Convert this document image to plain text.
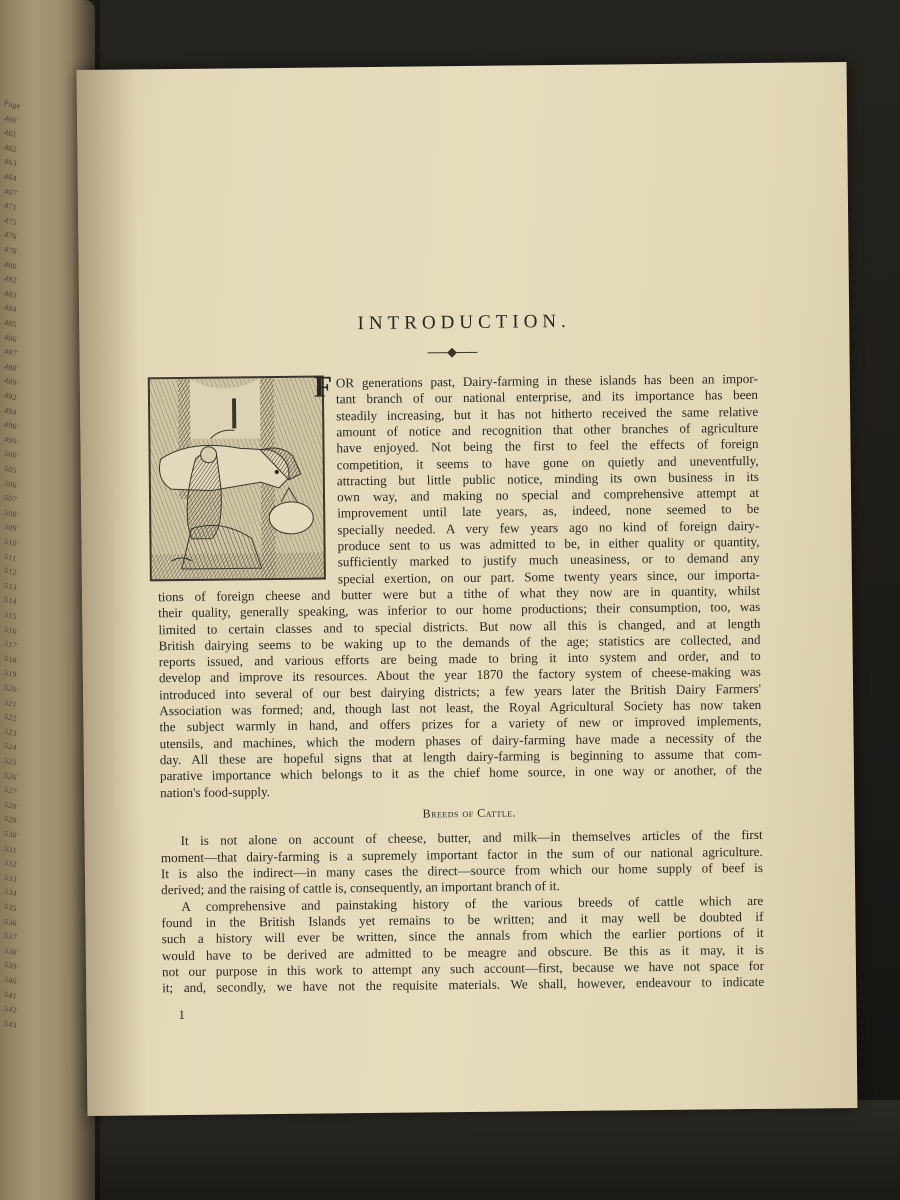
Page
460
461
462
463
464
467
471
475
476
478
480
482
483
484
485
486
487
488
489
492
494
496
499
500
505
506
507
508
509
510
511
512
513
514
515
516
517
518
519
520
521
522
523
524
525
526
527
528
529
530
531
532
533
534
535
536
537
538
539
540
541
542
543
INTRODUCTION.
F OR generations past, Dairy-farming in these islands has been an impor-
tant branch of our national enterprise, and its importance has been
steadily increasing, but it has not hitherto received the same relative
amount of notice and recognition that other branches of agriculture
have enjoyed. Not being the first to feel the effects of foreign
competition, it seems to have gone on quietly and uneventfully,
attracting but little public notice, minding its own business in its
own way, and making no special and comprehensive attempt at
improvement until late years, as, indeed, none seemed to be
specially needed. A very few years ago no kind of foreign dairy-
produce sent to us was admitted to be, in either quality or quantity,
sufficiently marked to justify much uneasiness, or to demand any
special exertion, on our part. Some twenty years since, our importa-
tions of foreign cheese and butter were but a tithe of what they now are in quantity, whilst
their quality, generally speaking, was inferior to our home productions; their consumption, too, was
limited to certain classes and to special districts. But now all this is changed, and at length
British dairying seems to be waking up to the demands of the age; statistics are collected, and
reports issued, and various efforts are being made to bring it into system and order, and to
develop and improve its resources. About the year 1870 the factory system of cheese-making was
introduced into several of our best dairying districts; a few years later the British Dairy Farmers'
Association was formed; and, though last not least, the Royal Agricultural Society has now taken
the subject warmly in hand, and offers prizes for a variety of new or improved implements,
utensils, and machines, which the modern phases of dairy-farming have made a necessity of the
day. All these are hopeful signs that at length dairy-farming is beginning to assume that com-
parative importance which belongs to it as the chief home source, in one way or another, of the
nation's food-supply.
It is not alone on account of cheese, butter, and milk—in themselves articles of the first
moment—that dairy-farming is a supremely important factor in the sum of our national agriculture.
It is also the indirect—in many cases the direct—source from which our home supply of beef is
derived; and the raising of cattle is, consequently, an important branch of it.
A comprehensive and painstaking history of the various breeds of cattle which are
found in the British Islands yet remains to be written; and it may well be doubted if
such a history will ever be written, since the annals from which the earlier portions of it
would have to be derived are admitted to be meagre and obscure. Be this as it may, it is
not our purpose in this work to attempt any such account—first, because we have not space for
it; and, secondly, we have not the requisite materials. We shall, however, endeavour to indicate
Breeds of Cattle.
1
